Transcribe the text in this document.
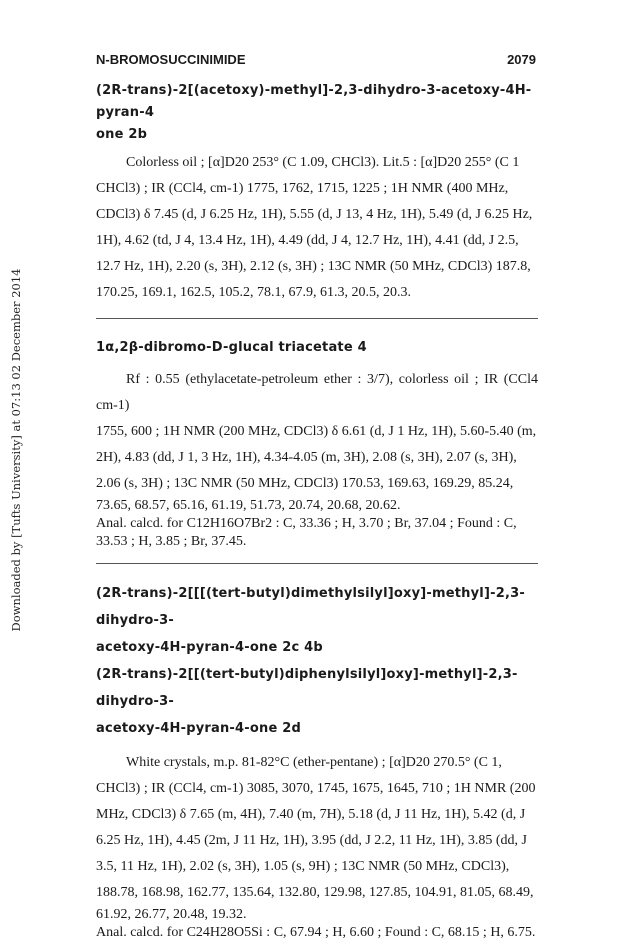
Downloaded by [Tufts University] at 07:13 02 December 2014
N-BROMOSUCCINIMIDE	2079
(2R-trans)-2[(acetoxy)-methyl]-2,3-dihydro-3-acetoxy-4H-pyran-4
one 2b
Colorless oil ; [α]D20 253° (C 1.09, CHCl3). Lit.5 : [α]D20 255° (C 1
CHCl3) ; IR (CCl4, cm-1) 1775, 1762, 1715, 1225 ; 1H NMR (400 MHz,
CDCl3) δ 7.45 (d, J 6.25 Hz, 1H), 5.55 (d, J 13, 4 Hz, 1H), 5.49 (d, J 6.25 Hz,
1H), 4.62 (td, J 4, 13.4 Hz, 1H), 4.49 (dd, J 4, 12.7 Hz, 1H), 4.41 (dd, J 2.5,
12.7 Hz, 1H), 2.20 (s, 3H), 2.12 (s, 3H) ; 13C NMR (50 MHz, CDCl3) 187.8,
170.25, 169.1, 162.5, 105.2, 78.1, 67.9, 61.3, 20.5, 20.3.
1α,2β-dibromo-D-glucal triacetate 4
Rf : 0.55 (ethylacetate-petroleum ether : 3/7), colorless oil ; IR (CCl4 cm-1)
1755, 600 ; 1H NMR (200 MHz, CDCl3) δ 6.61 (d, J 1 Hz, 1H), 5.60-5.40 (m,
2H), 4.83 (dd, J 1, 3 Hz, 1H), 4.34-4.05 (m, 3H), 2.08 (s, 3H), 2.07 (s, 3H),
2.06 (s, 3H) ; 13C NMR (50 MHz, CDCl3) 170.53, 169.63, 169.29, 85.24,
73.65, 68.57, 65.16, 61.19, 51.73, 20.74, 20.68, 20.62.
Anal. calcd. for C12H16O7Br2 : C, 33.36 ; H, 3.70 ; Br, 37.04 ; Found : C,
33.53 ; H, 3.85 ; Br, 37.45.
(2R-trans)-2[[[(tert-butyl)dimethylsilyl]oxy]-methyl]-2,3-dihydro-3-
acetoxy-4H-pyran-4-one 2c 4b
(2R-trans)-2[[(tert-butyl)diphenylsilyl]oxy]-methyl]-2,3-dihydro-3-
acetoxy-4H-pyran-4-one 2d
White crystals, m.p. 81-82°C (ether-pentane) ; [α]D20 270.5° (C 1,
CHCl3) ; IR (CCl4, cm-1) 3085, 3070, 1745, 1675, 1645, 710 ; 1H NMR (200
MHz, CDCl3) δ 7.65 (m, 4H), 7.40 (m, 7H), 5.18 (d, J 11 Hz, 1H), 5.42 (d, J
6.25 Hz, 1H), 4.45 (2m, J 11 Hz, 1H), 3.95 (dd, J 2.2, 11 Hz, 1H), 3.85 (dd, J
3.5, 11 Hz, 1H), 2.02 (s, 3H), 1.05 (s, 9H) ; 13C NMR (50 MHz, CDCl3),
188.78, 168.98, 162.77, 135.64, 132.80, 129.98, 127.85, 104.91, 81.05, 68.49,
61.92, 26.77, 20.48, 19.32.
Anal. calcd. for C24H28O5Si : C, 67.94 ; H, 6.60 ; Found : C, 68.15 ; H, 6.75.
